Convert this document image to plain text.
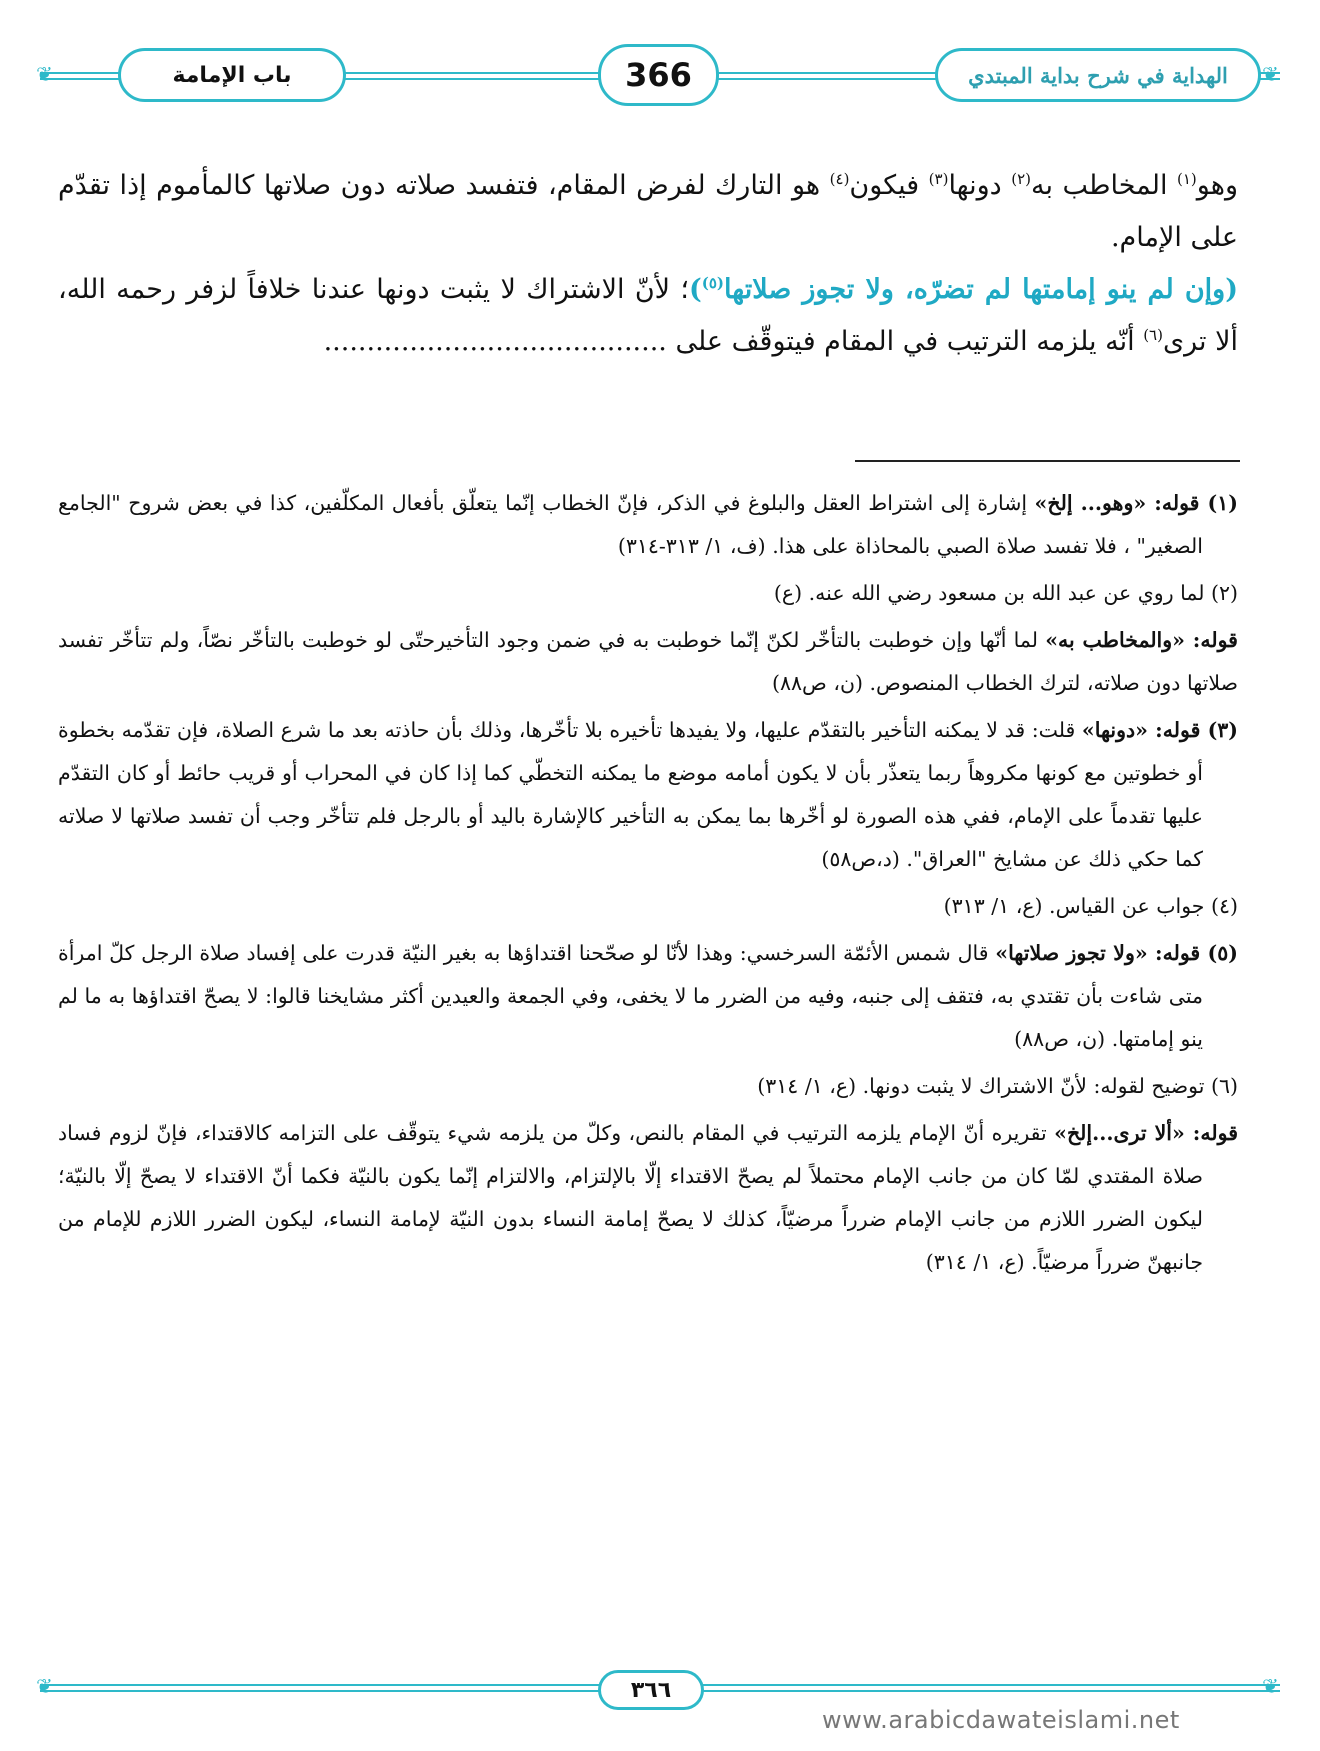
❦	❦
باب الإمامة	366	الهداية في شرح بداية المبتدي

وهو$^{(١)}$ المخاطب به$^{(٢)}$ دونها$^{(٣)}$ فيكون$^{(٤)}$ هو التارك لفرض المقام، فتفسد صلاته دون صلاتها كالمأموم إذا تقدّم على الإمام.

(وإن لم ينو إمامتها لم تضرّه، ولا تجوز صلاتها$^{(٥)}$)؛ لأنّ الاشتراك لا يثبت دونها عندنا خلافاً لزفر رحمه الله، ألا ترى$^{(٦)}$ أنّه يلزمه الترتيب في المقام فيتوقّف على ........................................

(١) قوله: «وهو... إلخ» إشارة إلى اشتراط العقل والبلوغ في الذكر، فإنّ الخطاب إنّما يتعلّق بأفعال المكلّفين، كذا في بعض شروح "الجامع الصغير" ، فلا تفسد صلاة الصبي بالمحاذاة على هذا. (ف، ١/ ٣١٣-٣١٤)

(٢) لما روي عن عبد الله بن مسعود رضي الله عنه. (ع)

قوله: «والمخاطب به» لما أنّها وإن خوطبت بالتأخّر لكنّ إنّما خوطبت به في ضمن وجود التأخيرحتّى لو خوطبت بالتأخّر نصّاً، ولم تتأخّر تفسد صلاتها دون صلاته، لترك الخطاب المنصوص. (ن، ص٨٨)

(٣) قوله: «دونها» قلت: قد لا يمكنه التأخير بالتقدّم عليها، ولا يفيدها تأخيره بلا تأخّرها، وذلك بأن حاذته بعد ما شرع الصلاة، فإن تقدّمه بخطوة أو خطوتين مع كونها مكروهاً ربما يتعذّر بأن لا يكون أمامه موضع ما يمكنه التخطّي كما إذا كان في المحراب أو قريب حائط أو كان التقدّم عليها تقدماً على الإمام، ففي هذه الصورة لو أخّرها بما يمكن به التأخير كالإشارة باليد أو بالرجل فلم تتأخّر وجب أن تفسد صلاتها لا صلاته كما حكي ذلك عن مشايخ "العراق". (د،ص٥٨)

(٤) جواب عن القياس. (ع، ١/ ٣١٣)

(٥) قوله: «ولا تجوز صلاتها» قال شمس الأئمّة السرخسي: وهذا لأنّا لو صحّحنا اقتداؤها به بغير النيّة قدرت على إفساد صلاة الرجل كلّ امرأة متى شاءت بأن تقتدي به، فتقف إلى جنبه، وفيه من الضرر ما لا يخفى، وفي الجمعة والعيدين أكثر مشايخنا قالوا: لا يصحّ اقتداؤها به ما لم ينو إمامتها. (ن، ص٨٨)

(٦) توضيح لقوله: لأنّ الاشتراك لا يثبت دونها. (ع، ١/ ٣١٤)

قوله: «ألا ترى...إلخ» تقريره أنّ الإمام يلزمه الترتيب في المقام بالنص، وكلّ من يلزمه شيء يتوقّف على التزامه كالاقتداء، فإنّ لزوم فساد صلاة المقتدي لمّا كان من جانب الإمام محتملاً لم يصحّ الاقتداء إلّا بالإلتزام، والالتزام إنّما يكون بالنيّة فكما أنّ الاقتداء لا يصحّ إلّا بالنيّة؛ ليكون الضرر اللازم من جانب الإمام ضرراً مرضيّاً، كذلك لا يصحّ إمامة النساء بدون النيّة لإمامة النساء، ليكون الضرر اللازم للإمام من جانبهنّ ضرراً مرضيّاً. (ع، ١/ ٣١٤)

❦	❦
٣٦٦
www.arabicdawateislami.net
